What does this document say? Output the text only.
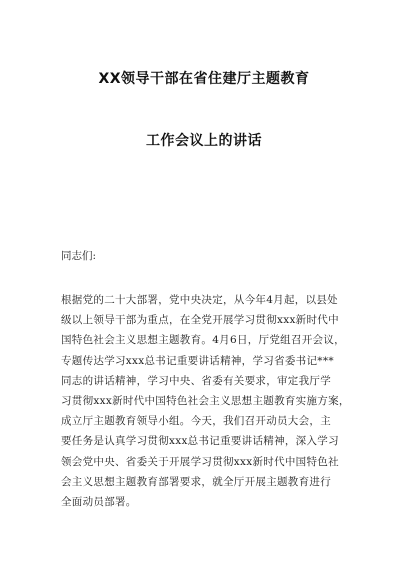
XX领导干部在省住建厅主题教育
工作会议上的讲话
同志们:
根据党的二十大部署，党中央决定，从今年4月起，以县处
级以上领导干部为重点，在全党开展学习贯彻xxx新时代中
国特色社会主义思想主题教育。4月6日，厅党组召开会议，
专题传达学习xxx总书记重要讲话精神，学习省委书记***
同志的讲话精神，学习中央、省委有关要求，审定我厅学
习贯彻xxx新时代中国特色社会主义思想主题教育实施方案，
成立厅主题教育领导小组。今天，我们召开动员大会，主
要任务是认真学习贯彻xxx总书记重要讲话精神，深入学习
领会党中央、省委关于开展学习贯彻xxx新时代中国特色社
会主义思想主题教育部署要求，就全厅开展主题教育进行
全面动员部署。
